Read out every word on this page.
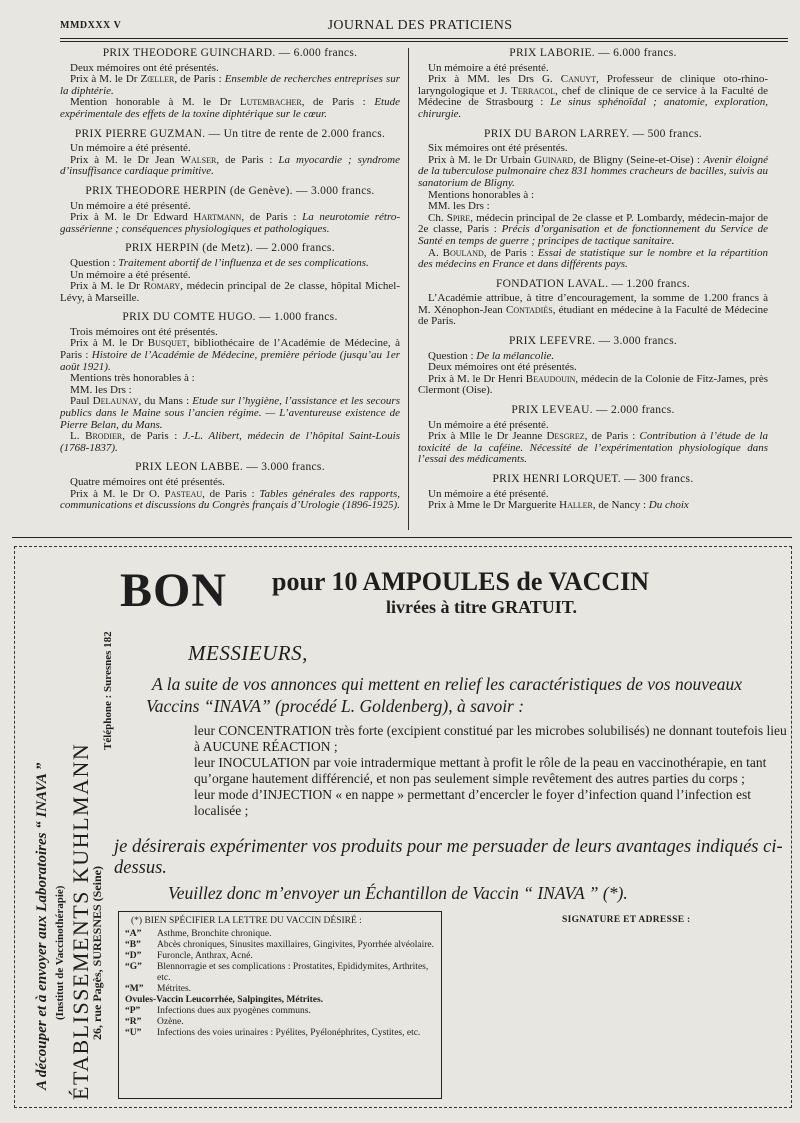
MMDXXX V	JOURNAL DES PRATICIENS
PRIX THEODORE GUINCHARD. — 6.000 francs.

Deux mémoires ont été présentés.

Prix à M. le Dr Zœller, de Paris : Ensemble de recherches entreprises sur la diphtérie.

Mention honorable à M. le Dr Lutembacher, de Paris : Etude expérimentale des effets de la toxine diphtérique sur le cœur.

PRIX PIERRE GUZMAN. — Un titre de rente de 2.000 francs.

Un mémoire a été présenté.

Prix à M. le Dr Jean Walser, de Paris : La myocardie ; syndrome d’insuffisance cardiaque primitive.

PRIX THEODORE HERPIN (de Genève). — 3.000 francs.

Un mémoire a été présenté.

Prix à M. le Dr Edward Hartmann, de Paris : La neurotomie rétro-gassérienne ; conséquences physiologiques et pathologiques.

PRIX HERPIN (de Metz). — 2.000 francs.

Question : Traitement abortif de l’influenza et de ses complications.

Un mémoire a été présenté.

Prix à M. le Dr Romary, médecin principal de 2e classe, hôpital Michel-Lévy, à Marseille.

PRIX DU COMTE HUGO. — 1.000 francs.

Trois mémoires ont été présentés.

Prix à M. le Dr Busquet, bibliothécaire de l’Académie de Médecine, à Paris : Histoire de l’Académie de Médecine, première période (jusqu’au 1er août 1921).

Mentions très honorables à :

MM. les Drs :

Paul Delaunay, du Mans : Etude sur l’hygiène, l’assistance et les secours publics dans le Maine sous l’ancien régime. — L’aventureuse existence de Pierre Belan, du Mans.

L. Brodier, de Paris : J.-L. Alibert, médecin de l’hôpital Saint-Louis (1768-1837).

PRIX LEON LABBE. — 3.000 francs.

Quatre mémoires ont été présentés.

Prix à M. le Dr O. Pasteau, de Paris : Tables générales des rapports, communications et discussions du Congrès français d’Urologie (1896-1925).

PRIX LABORIE. — 6.000 francs.

Un mémoire a été présenté.

Prix à MM. les Drs G. Canuyt, Professeur de clinique oto-rhino-laryngologique et J. Terracol, chef de clinique de ce service à la Faculté de Médecine de Strasbourg : Le sinus sphénoïdal ; anatomie, exploration, chirurgie.

PRIX DU BARON LARREY. — 500 francs.

Six mémoires ont été présentés.

Prix à M. le Dr Urbain Guinard, de Bligny (Seine-et-Oise) : Avenir éloigné de la tuberculose pulmonaire chez 831 hommes cracheurs de bacilles, suivis au sanatorium de Bligny.

Mentions honorables à :

MM. les Drs :

Ch. Spire, médecin principal de 2e classe et P. Lombardy, médecin-major de 2e classe, Paris : Précis d’organisation et de fonctionnement du Service de Santé en temps de guerre ; principes de tactique sanitaire.

A. Bouland, de Paris : Essai de statistique sur le nombre et la répartition des médecins en France et dans différents pays.

FONDATION LAVAL. — 1.200 francs.

L’Académie attribue, à titre d’encouragement, la somme de 1.200 francs à M. Xénophon-Jean Contadiès, étudiant en médecine à la Faculté de Médecine de Paris.

PRIX LEFEVRE. — 3.000 francs.

Question : De la mélancolie.

Deux mémoires ont été présentés.

Prix à M. le Dr Henri Beaudouin, médecin de la Colonie de Fitz-James, près Clermont (Oise).

PRIX LEVEAU. — 2.000 francs.

Un mémoire a été présenté.

Prix à Mlle le Dr Jeanne Desgrez, de Paris : Contribution à l’étude de la toxicité de la caféine. Nécessité de l’expérimentation physiologique dans l’essai des médicaments.

PRIX HENRI LORQUET. — 300 francs.

Un mémoire a été présenté.

Prix à Mme le Dr Marguerite Haller, de Nancy : Du choix

A découper et à envoyer aux Laboratoires “ INAVA ” (Institut de Vaccinothérapie) ÉTABLISSEMENTS KUHLMANN
26, rue Pagès, SURESNES (Seine)
Téléphone : Suresnes 182
BON pour 10 AMPOULES de VACCIN
livrées à titre GRATUIT.
MESSIEURS,
A la suite de vos annonces qui mettent en relief les caractéristiques de vos nouveaux Vaccins “INAVA” (procédé L. Goldenberg), à savoir :
leur CONCENTRATION très forte (excipient constitué par les microbes solubilisés) ne donnant toutefois lieu à AUCUNE RÉACTION ;
leur INOCULATION par voie intradermique mettant à profit le rôle de la peau en vaccinothérapie, en tant qu’organe hautement différencié, et non pas seulement simple revêtement des autres parties du corps ;
leur mode d’INJECTION « en nappe » permettant d’encercler le foyer d’infection quand l’infection est localisée ;
je désirerais expérimenter vos produits pour me persuader de leurs avantages indiqués ci-dessus.
Veuillez donc m’envoyer un Échantillon de Vaccin “ INAVA ” (*).
SIGNATURE ET ADRESSE :
(*) BIEN SPÉCIFIER LA LETTRE DU VACCIN DÉSIRÉ :
“A”	Asthme, Bronchite chronique.
“B”	Abcès chroniques, Sinusites maxillaires, Gingivites, Pyorrhée alvéolaire.
“D”	Furoncle, Anthrax, Acné.
“G”	Blennorragie et ses complications : Prostatites, Epididymites, Arthrites, etc.
“M”	Métrites.
Ovules-Vaccin Leucorrhée, Salpingites, Métrites.
“P”	Infections dues aux pyogènes communs.
“R”	Ozène.
“U”	Infections des voies urinaires : Pyélites, Pyélonéphrites, Cystites, etc.
